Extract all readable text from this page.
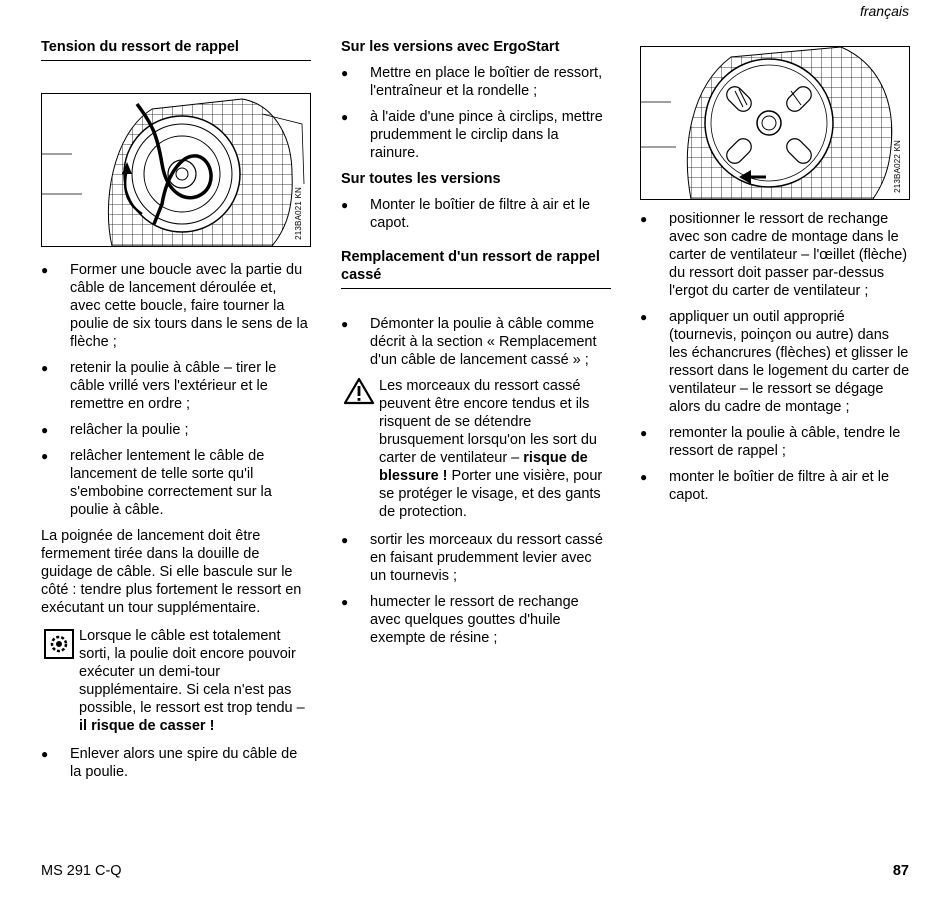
français
Tension du ressort de rappel
213BA021 KN
● Former une boucle avec la partie du câble de lancement déroulée et, avec cette boucle, faire tourner la poulie de six tours dans le sens de la flèche ;
● retenir la poulie à câble – tirer le câble vrillé vers l'extérieur et le remettre en ordre ;
● relâcher la poulie ;
● relâcher lentement le câble de lancement de telle sorte qu'il s'embobine correctement sur la poulie à câble.

La poignée de lancement doit être fermement tirée dans la douille de guidage de câble. Si elle bascule sur le côté : tendre plus fortement le ressort en exécutant un tour supplémentaire.

Lorsque le câble est totalement sorti, la poulie doit encore pouvoir exécuter un demi-tour supplémentaire. Si cela n'est pas possible, le ressort est trop tendu – il risque de casser !
● Enlever alors une spire du câble de la poulie.
Sur les versions avec ErgoStart
● Mettre en place le boîtier de ressort, l'entraîneur et la rondelle ;
● à l'aide d'une pince à circlips, mettre prudemment le circlip dans la rainure.
Sur toutes les versions
● Monter le boîtier de filtre à air et le capot.
Remplacement d'un ressort de rappel cassé
● Démonter la poulie à câble comme décrit à la section « Remplacement d'un câble de lancement cassé » ;
Les morceaux du ressort cassé peuvent être encore tendus et ils risquent de se détendre brusquement lorsqu'on les sort du carter de ventilateur – risque de blessure ! Porter une visière, pour se protéger le visage, et des gants de protection.
● sortir les morceaux du ressort cassé en faisant prudemment levier avec un tournevis ;
● humecter le ressort de rechange avec quelques gouttes d'huile exempte de résine ;
213BA022 KN
● positionner le ressort de rechange avec son cadre de montage dans le carter de ventilateur – l'œillet (flèche) du ressort doit passer par-dessus l'ergot du carter de ventilateur ;
● appliquer un outil approprié (tournevis, poinçon ou autre) dans les échancrures (flèches) et glisser le ressort dans le logement du carter de ventilateur – le ressort se dégage alors du cadre de montage ;
● remonter la poulie à câble, tendre le ressort de rappel ;
● monter le boîtier de filtre à air et le capot.
MS 291 C-Q	87
